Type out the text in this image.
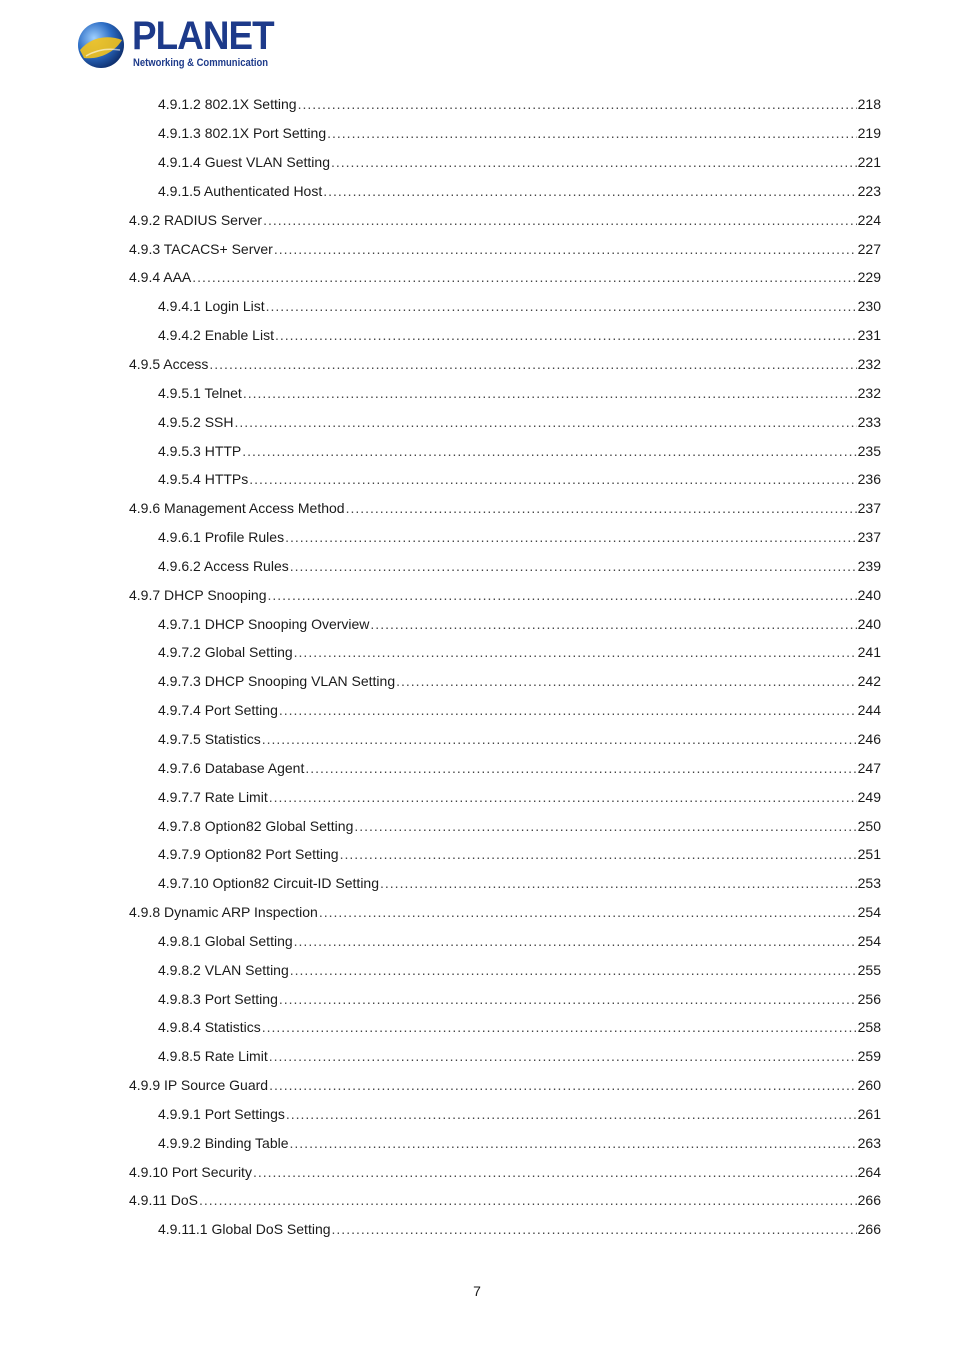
PLANET
Networking & Communication
4.9.1.2 802.1X Setting .....	218
4.9.1.3 802.1X Port Setting .....	219
4.9.1.4 Guest VLAN Setting .....	221
4.9.1.5 Authenticated Host .....	223
4.9.2 RADIUS Server .....	224
4.9.3 TACACS+ Server .....	227
4.9.4 AAA .....	229
4.9.4.1 Login List .....	230
4.9.4.2 Enable List .....	231
4.9.5 Access .....	232
4.9.5.1 Telnet .....	232
4.9.5.2 SSH .....	233
4.9.5.3 HTTP .....	235
4.9.5.4 HTTPs .....	236
4.9.6 Management Access Method .....	237
4.9.6.1 Profile Rules .....	237
4.9.6.2 Access Rules .....	239
4.9.7 DHCP Snooping .....	240
4.9.7.1 DHCP Snooping Overview .....	240
4.9.7.2 Global Setting .....	241
4.9.7.3 DHCP Snooping VLAN Setting .....	242
4.9.7.4 Port Setting .....	244
4.9.7.5 Statistics .....	246
4.9.7.6 Database Agent .....	247
4.9.7.7 Rate Limit .....	249
4.9.7.8 Option82 Global Setting .....	250
4.9.7.9 Option82 Port Setting .....	251
4.9.7.10 Option82 Circuit-ID Setting .....	253
4.9.8 Dynamic ARP Inspection .....	254
4.9.8.1 Global Setting .....	254
4.9.8.2 VLAN Setting .....	255
4.9.8.3 Port Setting .....	256
4.9.8.4 Statistics .....	258
4.9.8.5 Rate Limit .....	259
4.9.9 IP Source Guard .....	260
4.9.9.1 Port Settings .....	261
4.9.9.2 Binding Table .....	263
4.9.10 Port Security .....	264
4.9.11 DoS .....	266
4.9.11.1 Global DoS Setting .....	266
7
